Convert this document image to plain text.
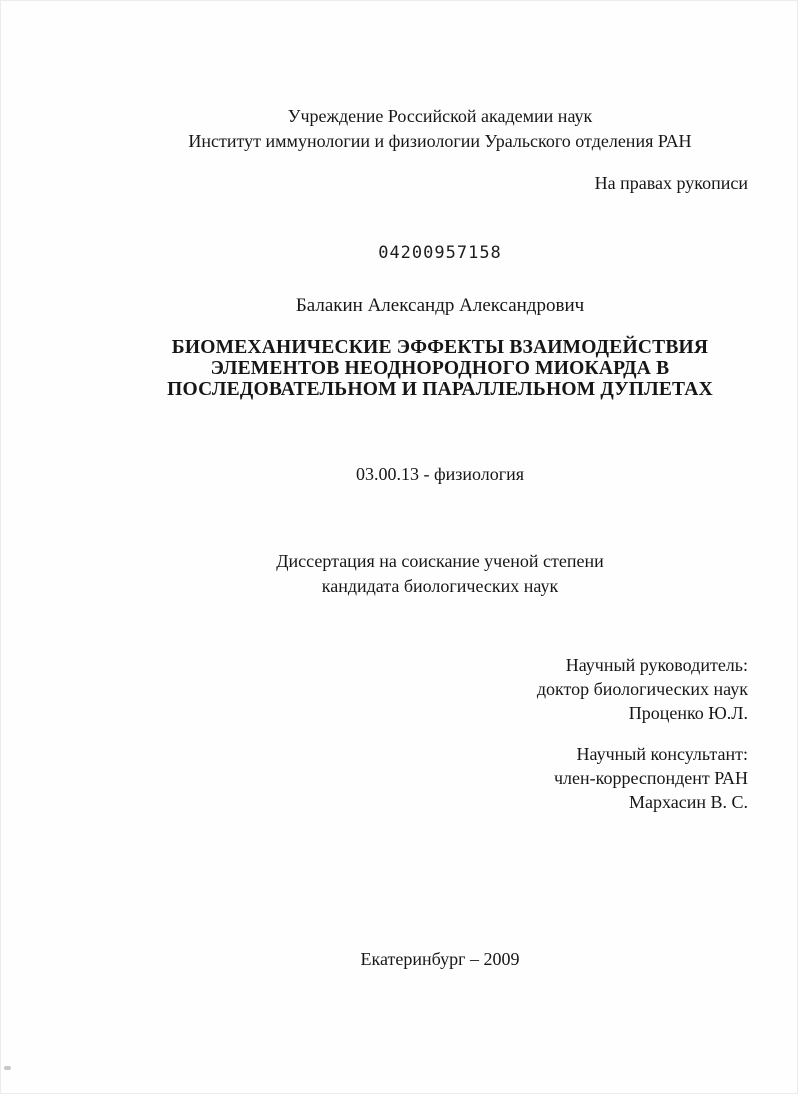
Учреждение Российской академии наук
Институт иммунологии и физиологии Уральского отделения РАН
На правах рукописи
04200957158
Балакин Александр Александрович
БИОМЕХАНИЧЕСКИЕ ЭФФЕКТЫ ВЗАИМОДЕЙСТВИЯ
ЭЛЕМЕНТОВ НЕОДНОРОДНОГО МИОКАРДА В
ПОСЛЕДОВАТЕЛЬНОМ И ПАРАЛЛЕЛЬНОМ ДУПЛЕТАХ
03.00.13 - физиология
Диссертация на соискание ученой степени
кандидата биологических наук
Научный руководитель:
доктор биологических наук
Проценко Ю.Л.
Научный консультант:
член-корреспондент РАН
Мархасин В. С.
Екатеринбург – 2009
